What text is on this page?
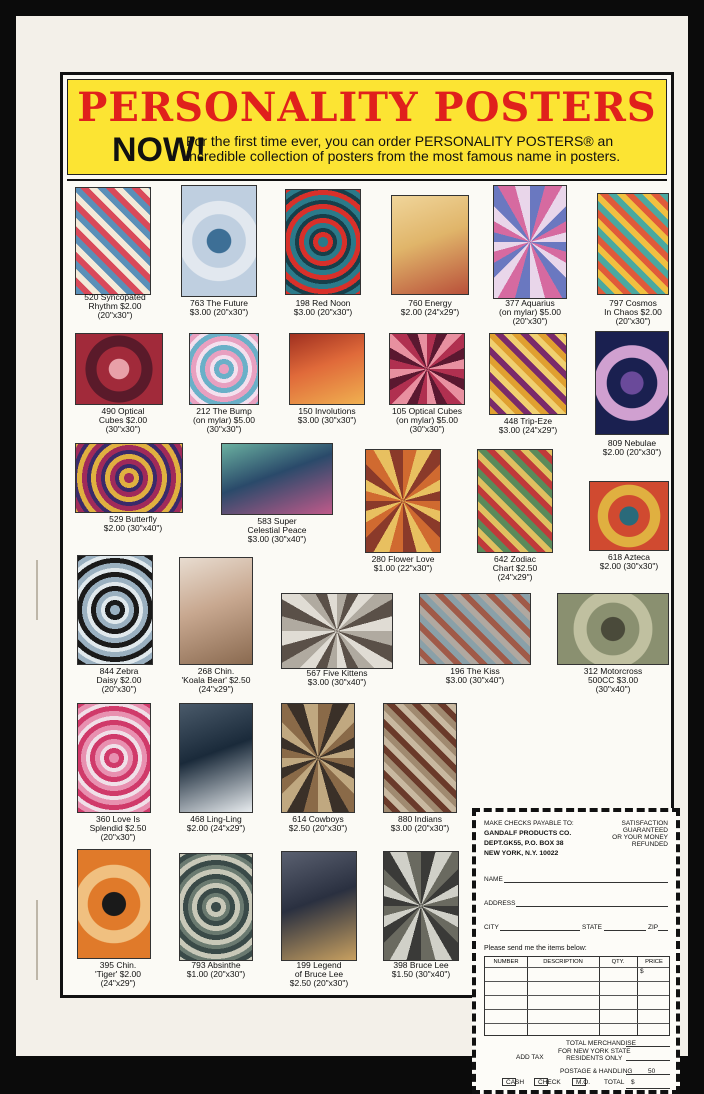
PERSONALITY POSTERS
NOW!
For the first time ever, you can order PERSONALITY POSTERS® an incredible collection of posters from the most famous name in posters.
520 Syncopated
Rhythm $2.00
(20"x30")
763 The Future
$3.00 (20"x30")
198 Red Noon
$3.00 (20"x30")
760 Energy
$2.00 (24"x29")
377 Aquarius
(on mylar) $5.00
(20"x30")
797 Cosmos
In Chaos $2.00
(20"x30")
490 Optical
Cubes $2.00
(30"x30")
212 The Bump
(on mylar) $5.00
(30"x30")
150 Involutions
$3.00 (30"x30")
105 Optical Cubes
(on mylar) $5.00
(30"x30")
448 Trip-Eze
$3.00 (24"x29")
809 Nebulae
$2.00 (20"x30")
529 Butterfly
$2.00 (30"x40")
583 Super
Celestial Peace
$3.00 (30"x40")
280 Flower Love
$1.00 (22"x30")
642 Zodiac
Chart $2.50
(24"x29")
618 Azteca
$2.00 (30"x30")
844 Zebra
Daisy $2.00
(20"x30")
268 Chin.
'Koala Bear' $2.50
(24"x29")
567 Five Kittens
$3.00 (30"x40")
196 The Kiss
$3.00 (30"x40")
312 Motorcross
500CC $3.00
(30"x40")
360 Love Is
Splendid $2.50
(20"x30")
468 Ling-Ling
$2.00 (24"x29")
614 Cowboys
$2.50 (20"x30")
880 Indians
$3.00 (20"x30")
395 Chin.
'Tiger' $2.00
(24"x29")
793 Absinthe
$1.00 (20"x30")
199 Legend
of Bruce Lee
$2.50 (20"x30")
398 Bruce Lee
$1.50 (30"x40")
MAKE CHECKS PAYABLE TO:
GANDALF PRODUCTS CO.
DEPT.GK55, P.O. BOX 38
NEW YORK, N.Y. 10022
SATISFACTION
GUARANTEED
OR YOUR MONEY
REFUNDED
NAME
ADDRESS
CITY	STATE	ZIP
Please send me the items below:
NUMBER	DESCRIPTION	QTY.	PRICE
$
TOTAL MERCHANDISE
ADD TAX
FOR NEW YORK STATE
RESIDENTS ONLY
POSTAGE & HANDLING 50
CASH CHECK M.O. TOTAL $
